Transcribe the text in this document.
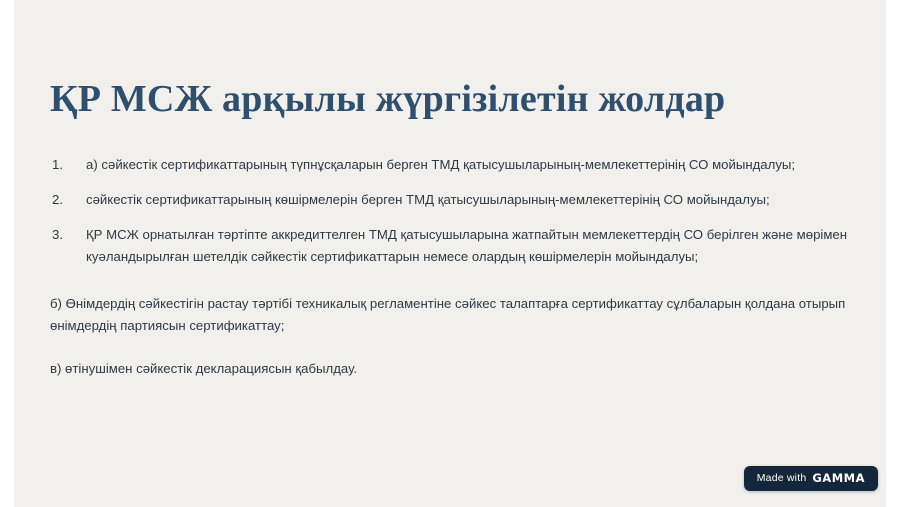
ҚР МСЖ арқылы жүргізілетін жолдар
а) сәйкестік сертификаттарының түпнұсқаларын берген ТМД қатысушыларының-мемлекеттерінің СО мойындалуы;
сәйкестік сертификаттарының көшірмелерін берген ТМД қатысушыларының-мемлекеттерінің СО мойындалуы;
ҚР МСЖ орнатылған тәртіпте аккредиттелген ТМД қатысушыларына жатпайтын мемлекеттердің СО берілген және мөрімен куәландырылған шетелдік сәйкестік сертификаттарын немесе олардың көшірмелерін мойындалуы;

б) Өнімдердің сәйкестігін растау тәртібі техникалық регламентіне сәйкес талаптарға сертификаттау сұлбаларын қолдана отырып өнімдердің партиясын сертификаттау;

в) өтінушімен сәйкестік декларациясын қабылдау.

Made with GAMMA
